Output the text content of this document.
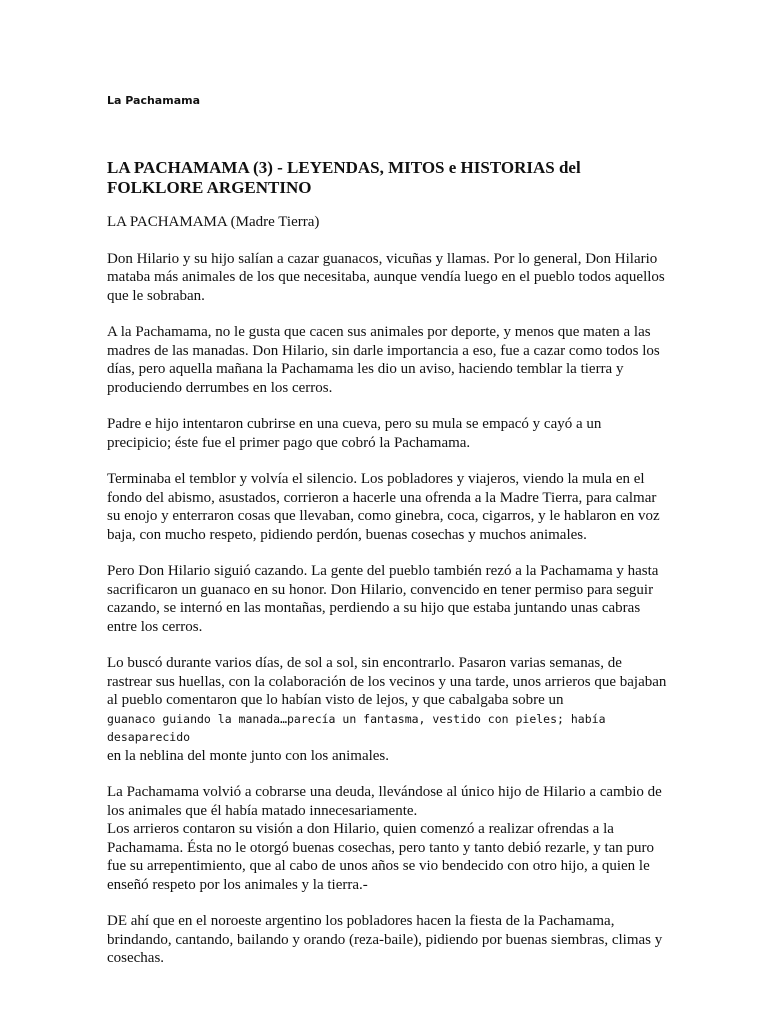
La Pachamama
LA PACHAMAMA (3) - LEYENDAS, MITOS e HISTORIAS del FOLKLORE ARGENTINO

LA PACHAMAMA (Madre Tierra)

Don Hilario y su hijo salían a cazar guanacos, vicuñas y llamas. Por lo general, Don Hilario mataba más animales de los que necesitaba, aunque vendía luego en el pueblo todos aquellos que le sobraban.

A la Pachamama, no le gusta que cacen sus animales por deporte, y menos que maten a las madres de las manadas. Don Hilario, sin darle importancia a eso, fue a cazar como todos los días, pero aquella mañana la Pachamama les dio un aviso, haciendo temblar la tierra y produciendo derrumbes en los cerros.

Padre e hijo intentaron cubrirse en una cueva, pero su mula se empacó y cayó a un precipicio; éste fue el primer pago que cobró la Pachamama.

Terminaba el temblor y volvía el silencio. Los pobladores y viajeros, viendo la mula en el fondo del abismo, asustados, corrieron a hacerle una ofrenda a la Madre Tierra, para calmar su enojo y enterraron cosas que llevaban, como ginebra, coca, cigarros, y le hablaron en voz baja, con mucho respeto, pidiendo perdón, buenas cosechas y muchos animales.

Pero Don Hilario siguió cazando. La gente del pueblo también rezó a la Pachamama y hasta sacrificaron un guanaco en su honor. Don Hilario, convencido en tener permiso para seguir cazando, se internó en las montañas, perdiendo a su hijo que estaba juntando unas cabras entre los cerros.

Lo buscó durante varios días, de sol a sol, sin encontrarlo. Pasaron varias semanas, de rastrear sus huellas, con la colaboración de los vecinos y una tarde, unos arrieros que bajaban al pueblo comentaron que lo habían visto de lejos, y que cabalgaba sobre un
guanaco guiando la manada…parecía un fantasma, vestido con pieles; había desaparecido
en la neblina del monte junto con los animales.

La Pachamama volvió a cobrarse una deuda, llevándose al único hijo de Hilario a cambio de los animales que él había matado innecesariamente.

Los arrieros contaron su visión a don Hilario, quien comenzó a realizar ofrendas a la Pachamama. Ésta no le otorgó buenas cosechas, pero tanto y tanto debió rezarle, y tan puro fue su arrepentimiento, que al cabo de unos años se vio bendecido con otro hijo, a quien le enseñó respeto por los animales y la tierra.-

DE ahí que en el noroeste argentino los pobladores hacen la fiesta de la Pachamama, brindando, cantando, bailando y orando (reza-baile), pidiendo por buenas siembras, climas y cosechas.
